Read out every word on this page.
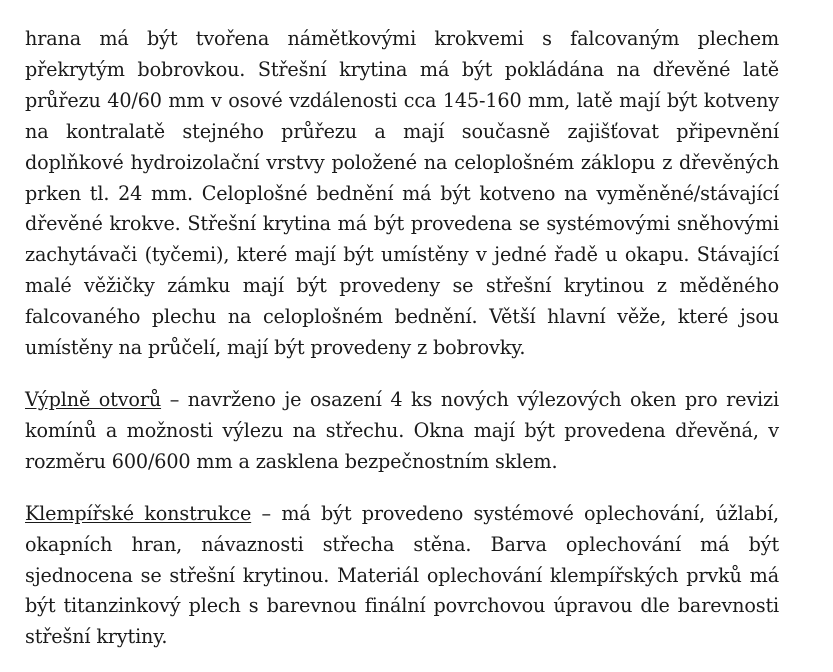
hrana má být tvořena námětkovými krokvemi s falcovaným plechem překrytým bobrovkou. Střešní krytina má být pokládána na dřevěné latě průřezu 40/60 mm v osové vzdálenosti cca 145-160 mm, latě mají být kotveny na kontralatě stejného průřezu a mají současně zajišťovat připevnění doplňkové hydroizolační vrstvy položené na celoplošném záklopu z dřevěných prken tl. 24 mm. Celoplošné bednění má být kotveno na vyměněné/stávající dřevěné krokve. Střešní krytina má být provedena se systémovými sněhovými zachytávači (tyčemi), které mají být umístěny v jedné řadě u okapu. Stávající malé věžičky zámku mají být provedeny se střešní krytinou z měděného falcovaného plechu na celoplošném bednění. Větší hlavní věže, které jsou umístěny na průčelí, mají být provedeny z bobrovky.

Výplně otvorů – navrženo je osazení 4 ks nových výlezových oken pro revizi komínů a možnosti výlezu na střechu. Okna mají být provedena dřevěná, v rozměru 600/600 mm a zasklena bezpečnostním sklem.

Klempířské konstrukce – má být provedeno systémové oplechování, úžlabí, okapních hran, návaznosti střecha stěna. Barva oplechování má být sjednocena se střešní krytinou. Materiál oplechování klempířských prvků má být titanzinkový plech s barevnou finální povrchovou úpravou dle barevnosti střešní krytiny.
